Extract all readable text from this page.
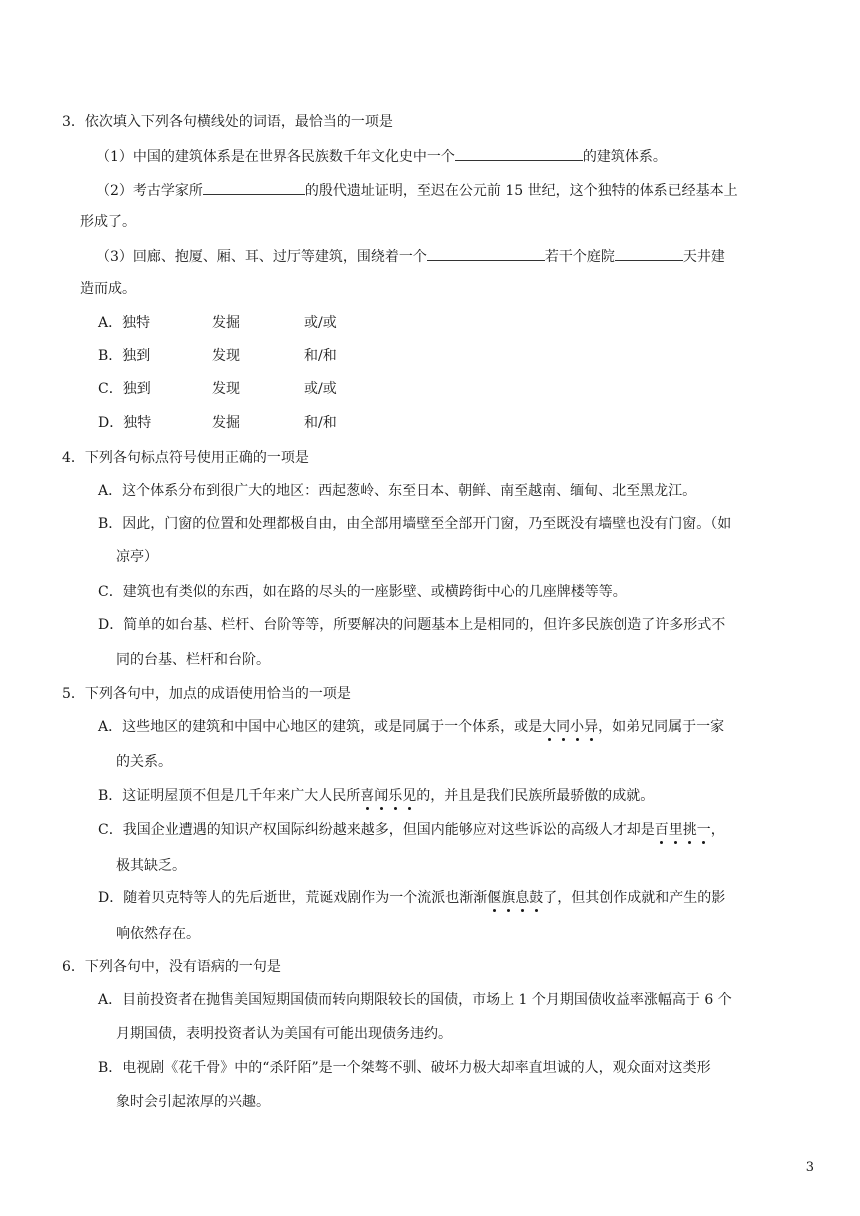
3．依次填入下列各句横线处的词语，最恰当的一项是
（1）中国的建筑体系是在世界各民族数千年文化史中一个	的建筑体系。
（2）考古学家所	的殷代遗址证明，至迟在公元前 15 世纪，这个独特的体系已经基本上
形成了。
（3）回廊、抱厦、厢、耳、过厅等建筑，围绕着一个	若干个庭院	天井建
造而成。
A．独特	发掘	或/或
B．独到	发现	和/和
C．独到	发现	或/或
D．独特	发掘	和/和
4．下列各句标点符号使用正确的一项是
A．这个体系分布到很广大的地区：西起葱岭、东至日本、朝鲜、南至越南、缅甸、北至黑龙江。
B．因此，门窗的位置和处理都极自由，由全部用墙壁至全部开门窗，乃至既没有墙壁也没有门窗。（如
凉亭）
C．建筑也有类似的东西，如在路的尽头的一座影壁、或横跨街中心的几座牌楼等等。
D．简单的如台基、栏杆、台阶等等，所要解决的问题基本上是相同的，但许多民族创造了许多形式不
同的台基、栏杆和台阶。
5．下列各句中，加点的成语使用恰当的一项是
A．这些地区的建筑和中国中心地区的建筑，或是同属于一个体系，或是大同小异，如弟兄同属于一家
的关系。
B．这证明屋顶不但是几千年来广大人民所喜闻乐见的，并且是我们民族所最骄傲的成就。
C．我国企业遭遇的知识产权国际纠纷越来越多，但国内能够应对这些诉讼的高级人才却是百里挑一，
极其缺乏。
D．随着贝克特等人的先后逝世，荒诞戏剧作为一个流派也渐渐偃旗息鼓了，但其创作成就和产生的影
响依然存在。
6．下列各句中，没有语病的一句是
A．目前投资者在抛售美国短期国债而转向期限较长的国债，市场上 1 个月期国债收益率涨幅高于 6 个
月期国债，表明投资者认为美国有可能出现债务违约。
B．电视剧《花千骨》中的“杀阡陌”是一个桀骜不驯、破坏力极大却率直坦诚的人，观众面对这类形
象时会引起浓厚的兴趣。
3
